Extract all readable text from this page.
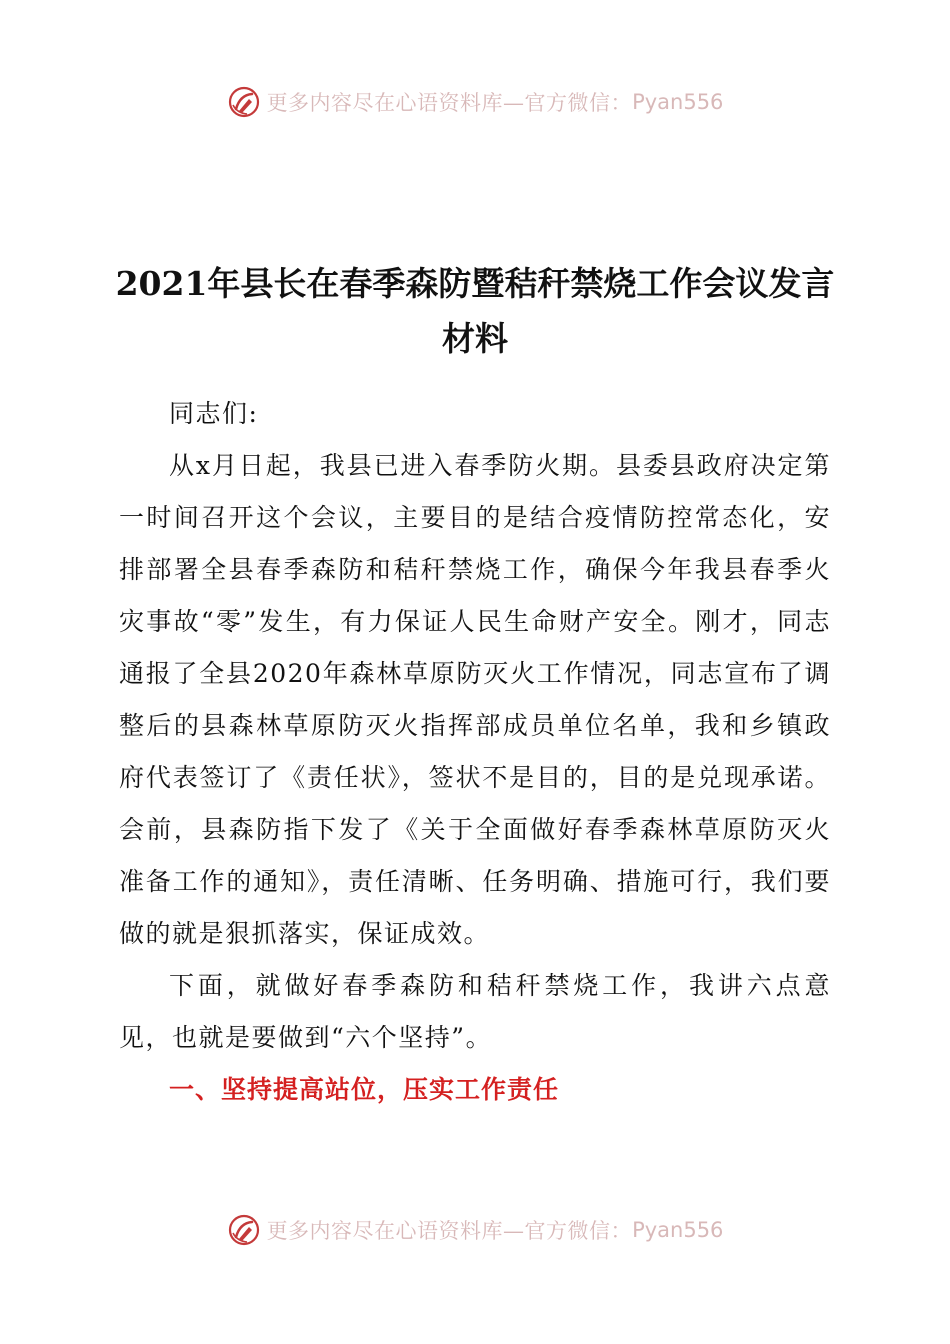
更多内容尽在心语资料库—官方微信： Pyan556
2021年县长在春季森防暨秸秆禁烧工作会议发言材料

同志们:

从x月日起，我县已进入春季防火期。县委县政府决定第一时间召开这个会议，主要目的是结合疫情防控常态化，安排部署全县春季森防和秸秆禁烧工作，确保今年我县春季火灾事故“零”发生，有力保证人民生命财产安全。刚才，同志通报了全县2020年森林草原防灭火工作情况，同志宣布了调整后的县森林草原防灭火指挥部成员单位名单，我和乡镇政府代表签订了《责任状》，签状不是目的，目的是兑现承诺。会前，县森防指下发了《关于全面做好春季森林草原防灭火准备工作的通知》，责任清晰、任务明确、措施可行，我们要做的就是狠抓落实，保证成效。

下面，就做好春季森防和秸秆禁烧工作，我讲六点意见，也就是要做到“六个坚持”。

一、坚持提高站位，压实工作责任

更多内容尽在心语资料库—官方微信： Pyan556
